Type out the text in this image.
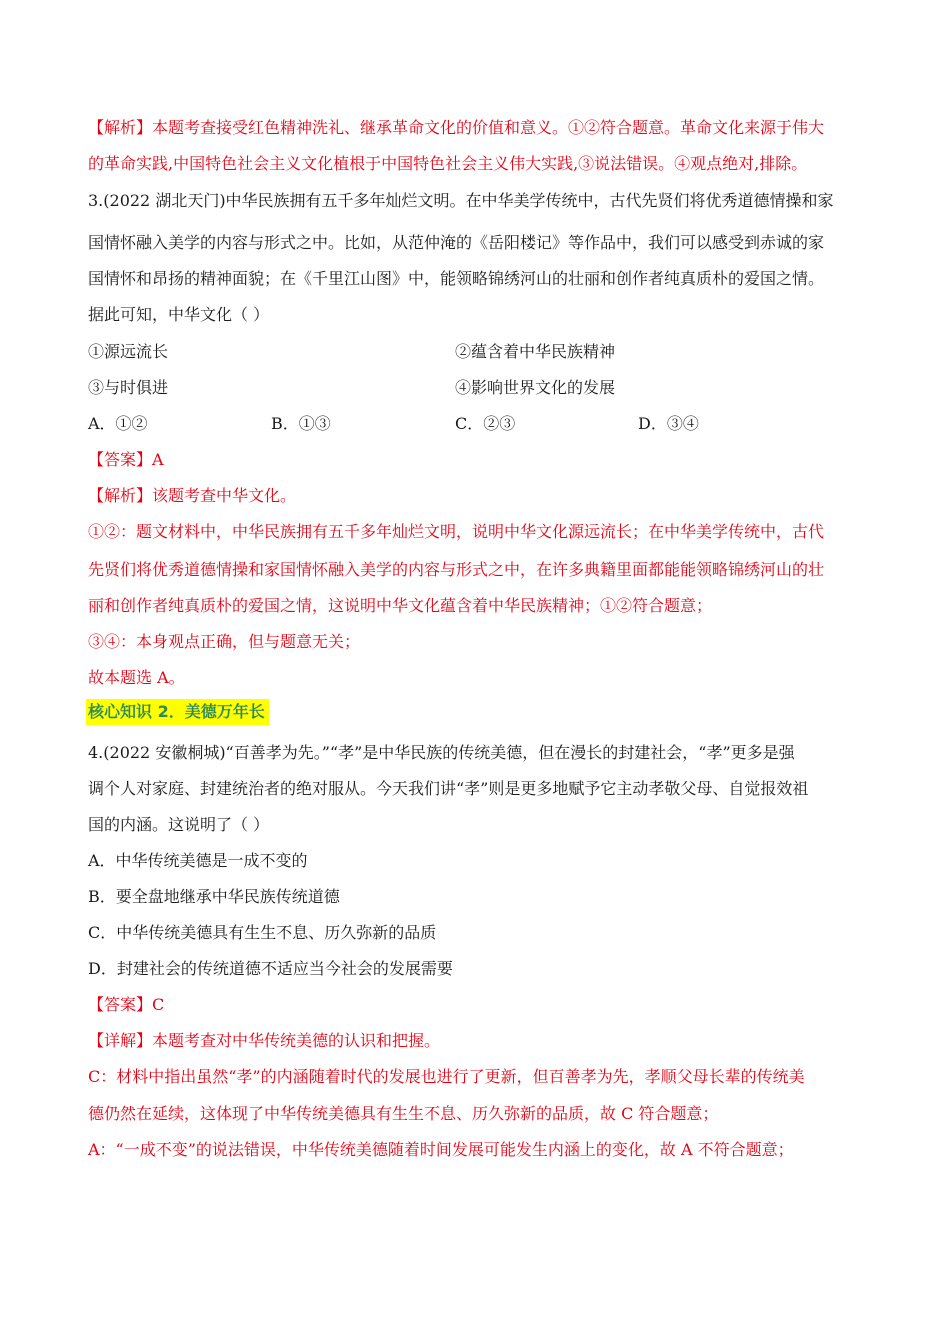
【解析】本题考查接受红色精神洗礼、继承革命文化的价值和意义。①②符合题意。革命文化来源于伟大
的革命实践,中国特色社会主义文化植根于中国特色社会主义伟大实践,③说法错误。④观点绝对,排除。
3.(2022 湖北天门)中华民族拥有五千多年灿烂文明。在中华美学传统中，古代先贤们将优秀道德情操和家
国情怀融入美学的内容与形式之中。比如，从范仲淹的《岳阳楼记》等作品中，我们可以感受到赤诚的家
国情怀和昂扬的精神面貌；在《千里江山图》中，能领略锦绣河山的壮丽和创作者纯真质朴的爱国之情。
据此可知，中华文化（ ）
①源远流长	②蕴含着中华民族精神
③与时俱进	④影响世界文化的发展
A．①②	B．①③	C．②③	D．③④
【答案】A
【解析】该题考查中华文化。
①②：题文材料中，中华民族拥有五千多年灿烂文明，说明中华文化源远流长；在中华美学传统中，古代
先贤们将优秀道德情操和家国情怀融入美学的内容与形式之中，在许多典籍里面都能能领略锦绣河山的壮
丽和创作者纯真质朴的爱国之情，这说明中华文化蕴含着中华民族精神；①②符合题意；
③④：本身观点正确，但与题意无关；
故本题选 A。
核心知识 2．美德万年长
4.(2022 安徽桐城)“百善孝为先。”“孝”是中华民族的传统美德，但在漫长的封建社会，“孝”更多是强
调个人对家庭、封建统治者的绝对服从。今天我们讲“孝”则是更多地赋予它主动孝敬父母、自觉报效祖
国的内涵。这说明了（ ）
A．中华传统美德是一成不变的
B．要全盘地继承中华民族传统道德
C．中华传统美德具有生生不息、历久弥新的品质
D．封建社会的传统道德不适应当今社会的发展需要
【答案】C
【详解】本题考查对中华传统美德的认识和把握。
C：材料中指出虽然“孝”的内涵随着时代的发展也进行了更新，但百善孝为先，孝顺父母长辈的传统美
德仍然在延续，这体现了中华传统美德具有生生不息、历久弥新的品质，故 C 符合题意；
A：“一成不变”的说法错误，中华传统美德随着时间发展可能发生内涵上的变化，故 A 不符合题意；
